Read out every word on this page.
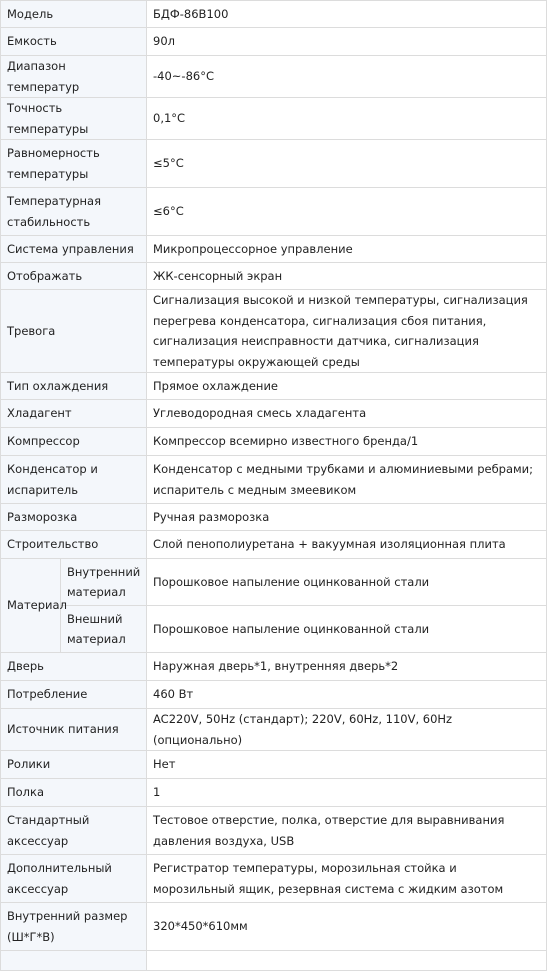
Модель		БДФ-86В100
Емкость		90л
Диапазон температур		-40~-86°C
Точность температуры		0,1°C
Равномерность температуры		≤5°C
Температурная стабильность		≤6°C
Система управления		Микропроцессорное управление
Отображать		ЖК-сенсорный экран
Тревога		Сигнализация высокой и низкой температуры, сигнализация перегрева конденсатора, сигнализация сбоя питания, сигнализация неисправности датчика, сигнализация температуры окружающей среды
Тип охлаждения		Прямое охлаждение
Хладагент		Углеводородная смесь хладагента
Компрессор		Компрессор всемирно известного бренда/1
Конденсатор и испаритель		Конденсатор с медными трубками и алюминиевыми ребрами; испаритель с медным змеевиком
Разморозка		Ручная разморозка
Строительство		Слой пенополиуретана + вакуумная изоляционная плита
Материал	Внутренний материал	Порошковое напыление оцинкованной стали
	Внешний материал	Порошковое напыление оцинкованной стали
Дверь		Наружная дверь*1, внутренняя дверь*2
Потребление		460 Вт
Источник питания		AC220V, 50Hz (стандарт); 220V, 60Hz, 110V, 60Hz (опционально)
Ролики		Нет
Полка		1
Стандартный аксессуар		Тестовое отверстие, полка, отверстие для выравнивания давления воздуха, USB
Дополнительный аксессуар		Регистратор температуры, морозильная стойка и морозильный ящик, резервная система с жидким азотом
Внутренний размер (Ш*Г*В)		320*450*610мм
